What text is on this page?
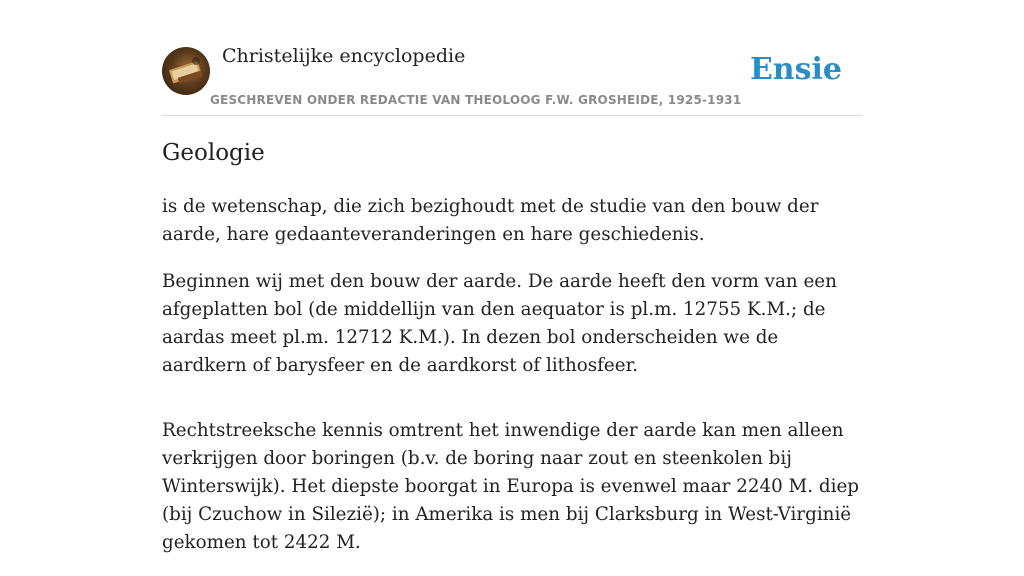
Christelijke encyclopedie
GESCHREVEN ONDER REDACTIE VAN THEOLOOG F.W. GROSHEIDE, 1925-1931
Ensie
Geologie

is de wetenschap, die zich bezighoudt met de studie van den bouw der aarde, hare gedaanteveranderingen en hare geschiedenis.

Beginnen wij met den bouw der aarde. De aarde heeft den vorm van een afgeplatten bol (de middellijn van den aequator is pl.m. 12755 K.M.; de aardas meet pl.m. 12712 K.M.). In dezen bol onderscheiden we de aardkern of barysfeer en de aardkorst of lithosfeer.

Rechtstreeksche kennis omtrent het inwendige der aarde kan men alleen verkrijgen door boringen (b.v. de boring naar zout en steenkolen bij Winterswijk). Het diepste boorgat in Europa is evenwel maar 2240 M. diep (bij Czuchow in Silezië); in Amerika is men bij Clarksburg in West-Virginië gekomen tot 2422 M.
